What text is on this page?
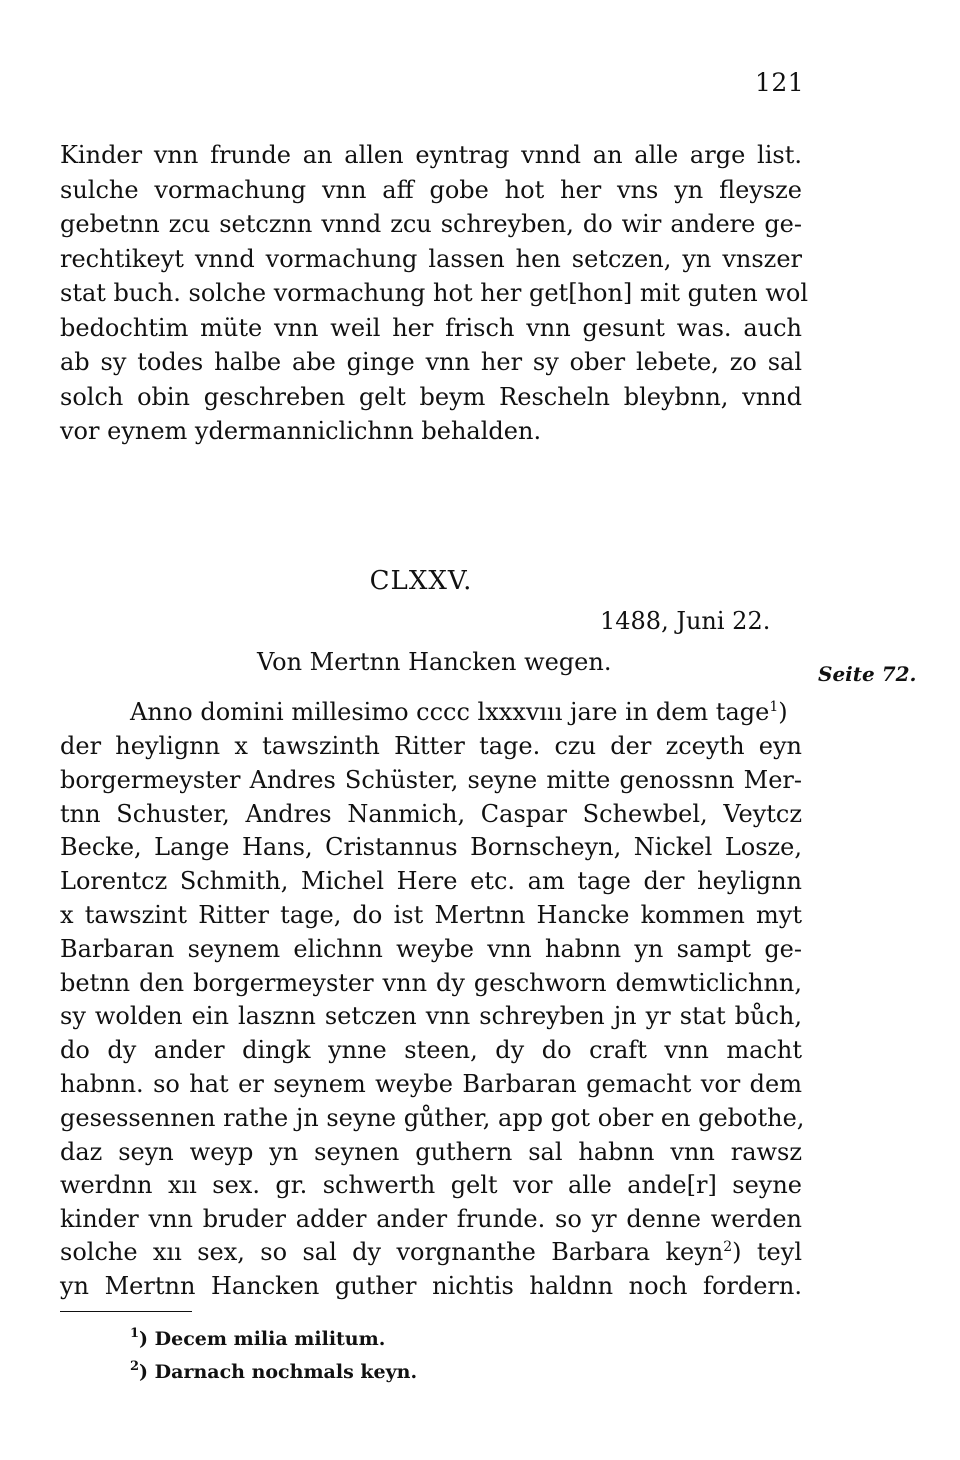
121
Kinder vnn frunde an allen eyntrag vnnd an alle arge list.
sulche vormachung vnn aff gobe hot her vns yn fleysze
gebetnn zcu setcznn vnnd zcu schreyben, do wir andere ge-
rechtikeyt vnnd vormachung lassen hen setczen, yn vnszer
stat buch. solche vormachung hot her get[hon] mit guten wol
bedochtim müte vnn weil her frisch vnn gesunt was. auch
ab sy todes halbe abe ginge vnn her sy ober lebete, zo sal
solch obin geschreben gelt beym Rescheln bleybnn, vnnd
vor eynem ydermanniclichnn behalden.
CLXXV.
1488, Juni 22.
Von Mertnn Hancken wegen.	Seite 72.
Anno domini millesimo cccc lxxxvııı jare in dem tage$^1$)
der heylignn x tawszinth Ritter tage. czu der zceyth eyn
borgermeyster Andres Schüster, seyne mitte genossnn Mer-
tnn Schuster, Andres Nanmich, Caspar Schewbel, Veytcz
Becke, Lange Hans, Cristannus Bornscheyn, Nickel Losze,
Lorentcz Schmith, Michel Here etc. am tage der heylignn
x tawszint Ritter tage, do ist Mertnn Hancke kommen myt
Barbaran seynem elichnn weybe vnn habnn yn sampt ge-
betnn den borgermeyster vnn dy geschworn demwticlichnn,
sy wolden ein lasznn setczen vnn schreyben jn yr stat bůch,
do dy ander dingk ynne steen, dy do craft vnn macht
habnn. so hat er seynem weybe Barbaran gemacht vor dem
gesessennen rathe jn seyne gůther, app got ober en gebothe,
daz seyn weyp yn seynen guthern sal habnn vnn rawsz
werdnn xıı sex. gr. schwerth gelt vor alle ande[r] seyne
kinder vnn bruder adder ander frunde. so yr denne werden
solche xıı sex, so sal dy vorgnanthe Barbara keyn$^2$) teyl
yn Mertnn Hancken guther nichtis haldnn noch fordern.
$^1$) Decem milia militum.
$^2$) Darnach nochmals keyn.
